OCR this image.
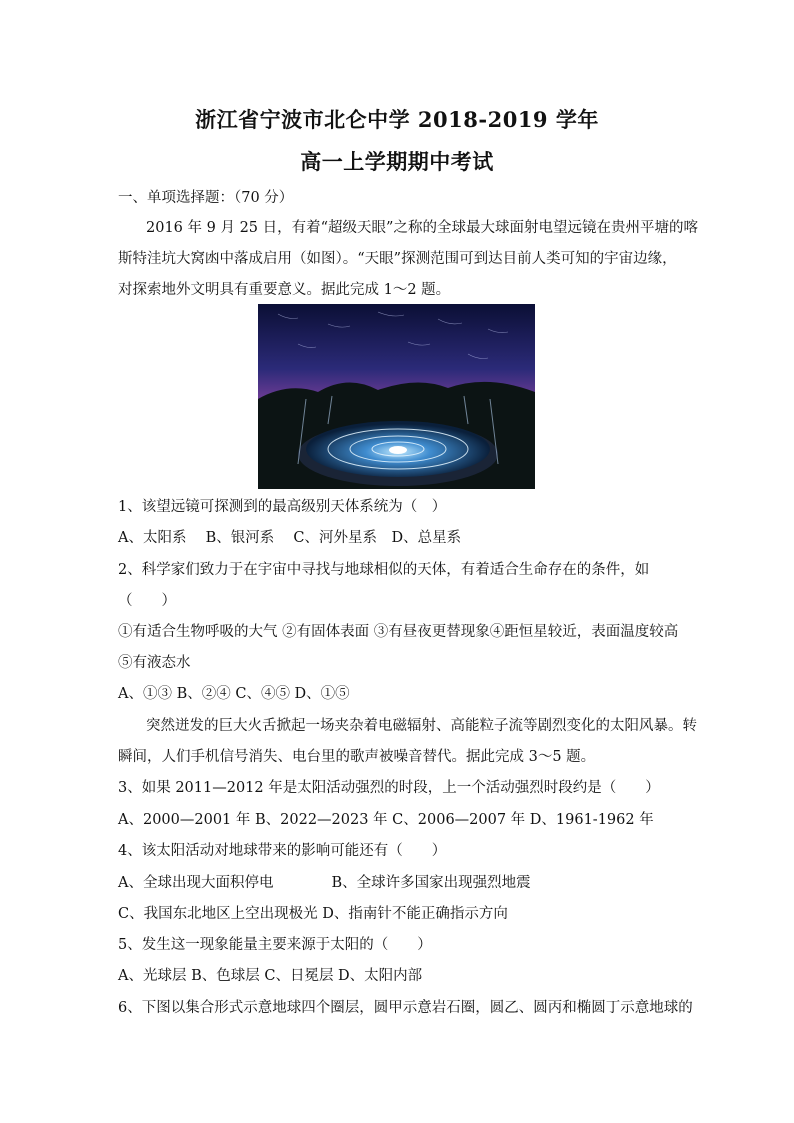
浙江省宁波市北仑中学 2018-2019 学年
高一上学期期中考试
一、单项选择题：（70 分）
2016 年 9 月 25 日，有着“超级天眼”之称的全球最大球面射电望远镜在贵州平塘的喀
斯特洼坑大窝凼中落成启用（如图）。“天眼”探测范围可到达目前人类可知的宇宙边缘，
对探索地外文明具有重要意义。据此完成 1～2 题。
1、该望远镜可探测到的最高级别天体系统为（　）
A、太阳系　 B、银河系　 C、河外星系　D、总星系
2、科学家们致力于在宇宙中寻找与地球相似的天体，有着适合生命存在的条件，如
（　　）
①有适合生物呼吸的大气 ②有固体表面 ③有昼夜更替现象④距恒星较近，表面温度较高
⑤有液态水
A、①③ B、②④ C、④⑤ D、①⑤
突然迸发的巨大火舌掀起一场夹杂着电磁辐射、高能粒子流等剧烈变化的太阳风暴。转
瞬间，人们手机信号消失、电台里的歌声被噪音替代。据此完成 3～5 题。
3、如果 2011—2012 年是太阳活动强烈的时段，上一个活动强烈时段约是（　　）
A、2000—2001 年 B、2022—2023 年 C、2006—2007 年 D、1961-1962 年
4、该太阳活动对地球带来的影响可能还有（　　）
A、全球出现大面积停电　　　　B、全球许多国家出现强烈地震
C、我国东北地区上空出现极光 D、指南针不能正确指示方向
5、发生这一现象能量主要来源于太阳的（　　）
A、光球层 B、色球层 C、日冕层 D、太阳内部
6、下图以集合形式示意地球四个圈层，圆甲示意岩石圈，圆乙、圆丙和椭圆丁示意地球的
